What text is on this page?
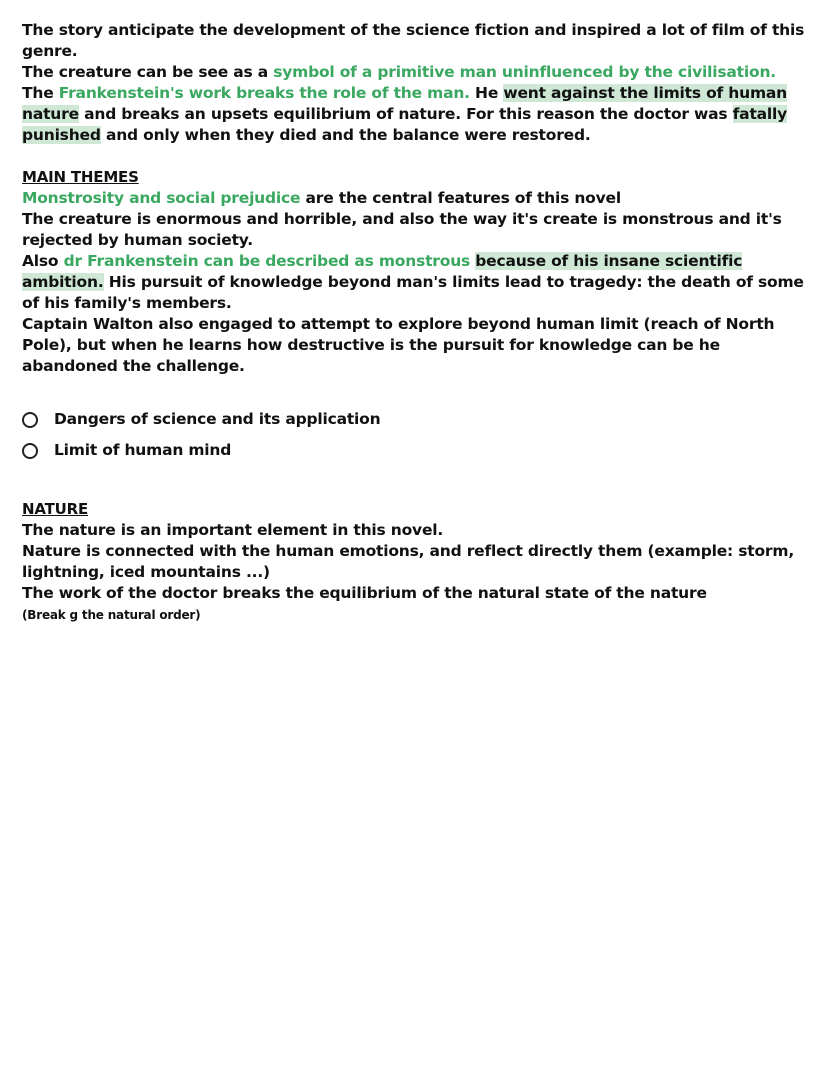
The story anticipate the development of the science fiction and inspired a lot of film of this genre.
The creature can be see as a symbol of a primitive man uninfluenced by the civilisation.
The Frankenstein's work breaks the role of the man. He went against the limits of human nature and breaks an upsets equilibrium of nature. For this reason the doctor was fatally punished and only when they died and the balance were restored.

MAIN THEMES

Monstrosity and social prejudice are the central features of this novel
The creature is enormous and horrible, and also the way it's create is monstrous and it's rejected by human society.
Also dr Frankenstein can be described as monstrous because of his insane scientific ambition. His pursuit of knowledge beyond man's limits lead to tragedy: the death of some of his family's members.
Captain Walton also engaged to attempt to explore beyond human limit (reach of North Pole), but when he learns how destructive is the pursuit for knowledge can be he abandoned the challenge.

Dangers of science and its application
Limit of human mind

NATURE

The nature is an important element in this novel.
Nature is connected with the human emotions, and reflect directly them (example: storm, lightning, iced mountains ...)
The work of the doctor breaks the equilibrium of the natural state of the nature
(Break g the natural order)
